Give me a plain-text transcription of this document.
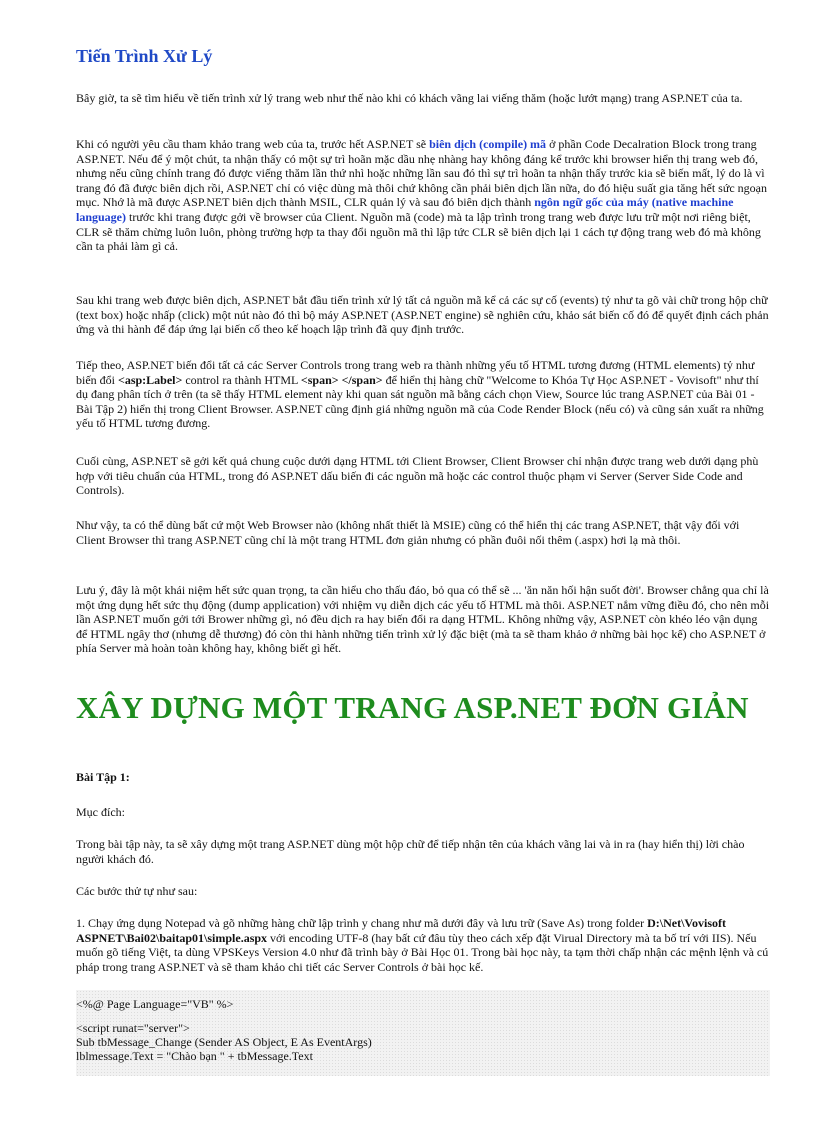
Tiến Trình Xử Lý

Bây giờ, ta sẽ tìm hiểu về tiến trình xử lý trang web như thế nào khi có khách vãng lai viếng thăm (hoặc lướt mạng) trang ASP.NET của ta.

Khi có người yêu cầu tham khảo trang web của ta, trước hết ASP.NET sẽ biên dịch (compile) mã ở phần Code Decalration Block trong trang ASP.NET. Nếu để ý một chút, ta nhận thấy có một sự trì hoãn mặc dầu nhẹ nhàng hay không đáng kể trước khi browser hiển thị trang web đó, nhưng nếu cũng chính trang đó được viếng thăm lần thứ nhì hoặc những lần sau đó thì sự trì hoãn ta nhận thấy trước kia sẽ biến mất, lý do là vì trang đó đã được biên dịch rồi, ASP.NET chỉ có việc dùng mà thôi chứ không cần phải biên dịch lần nữa, do đó hiệu suất gia tăng hết sức ngoạn mục. Nhớ là mã được ASP.NET biên dịch thành MSIL, CLR quản lý và sau đó biên dịch thành ngôn ngữ gốc của máy (native machine language) trước khi trang được gởi về browser của Client. Nguồn mã (code) mà ta lập trình trong trang web được lưu trữ một nơi riêng biệt, CLR sẽ thăm chừng luôn luôn, phòng trường hợp ta thay đổi nguồn mã thì lập tức CLR sẽ biên dịch lại 1 cách tự động trang web đó mà không cần ta phải làm gì cả.

Sau khi trang web được biên dịch, ASP.NET bắt đầu tiến trình xử lý tất cả nguồn mã kể cả các sự cố (events) tỷ như ta gõ vài chữ trong hộp chữ (text box) hoặc nhấp (click) một nút nào đó thì bộ máy ASP.NET (ASP.NET engine) sẽ nghiên cứu, khảo sát biến cố đó để quyết định cách phản ứng và thi hành để đáp ứng lại biến cố theo kế hoạch lập trình đã quy định trước.

Tiếp theo, ASP.NET biến đổi tất cả các Server Controls trong trang web ra thành những yếu tố HTML tương đương (HTML elements) tỷ như biến đổi <asp:Label> control ra thành HTML <span> </span> để hiển thị hàng chữ "Welcome to Khóa Tự Học ASP.NET - Vovisoft" như thí dụ đang phân tích ở trên (ta sẽ thấy HTML element này khi quan sát nguồn mã bằng cách chọn View, Source lúc trang ASP.NET của Bài 01 - Bài Tập 2) hiển thị trong Client Browser. ASP.NET cũng định giá những nguồn mã của Code Render Block (nếu có) và cũng sản xuất ra những yếu tố HTML tương đương.

Cuối cùng, ASP.NET sẽ gởi kết quả chung cuộc dưới dạng HTML tới Client Browser, Client Browser chỉ nhận được trang web dưới dạng phù hợp với tiêu chuẩn của HTML, trong đó ASP.NET dấu biến đi các nguồn mã hoặc các control thuộc phạm vi Server (Server Side Code and Controls).

Như vậy, ta có thể dùng bất cứ một Web Browser nào (không nhất thiết là MSIE) cũng có thể hiển thị các trang ASP.NET, thật vậy đối với Client Browser thì trang ASP.NET cũng chỉ là một trang HTML đơn giản nhưng có phần đuôi nối thêm (.aspx) hơi lạ mà thôi.

Lưu ý, đây là một khái niệm hết sức quan trọng, ta cần hiểu cho thấu đáo, bỏ qua có thể sẽ ... 'ăn năn hối hận suốt đời'. Browser chẳng qua chỉ là một ứng dụng hết sức thụ động (dump application) với nhiệm vụ diễn dịch các yếu tố HTML mà thôi. ASP.NET nắm vững điều đó, cho nên mỗi lần ASP.NET muốn gởi tới Brower những gì, nó đều dịch ra hay biến đổi ra dạng HTML. Không những vậy, ASP.NET còn khéo léo vận dụng để HTML ngây thơ (nhưng dễ thương) đó còn thi hành những tiến trình xử lý đặc biệt (mà ta sẽ tham khảo ở những bài học kế) cho ASP.NET ở phía Server mà hoàn toàn không hay, không biết gì hết.

XÂY DỰNG MỘT TRANG ASP.NET ĐƠN GIẢN

Bài Tập 1:

Mục đích:

Trong bài tập này, ta sẽ xây dựng một trang ASP.NET dùng một hộp chữ để tiếp nhận tên của khách vãng lai và in ra (hay hiển thị) lời chào người khách đó.

Các bước thử tự như sau:

1. Chạy ứng dụng Notepad và gõ những hàng chữ lập trình y chang như mã dưới đây và lưu trữ (Save As) trong folder D:\Net\Vovisoft ASPNET\Bai02\baitap01\simple.aspx với encoding UTF-8 (hay bất cứ đâu tùy theo cách xếp đặt Virual Directory mà ta bố trí với IIS). Nếu muốn gõ tiếng Việt, ta dùng VPSKeys Version 4.0 như đã trình bày ở Bài Học 01. Trong bài học này, ta tạm thời chấp nhận các mệnh lệnh và cú pháp trong trang ASP.NET và sẽ tham khảo chi tiết các Server Controls ở bài học kế.

<%@ Page Language="VB" %>
<script runat="server">
Sub tbMessage_Change (Sender AS Object, E As EventArgs)
lblmessage.Text = "Chào bạn " + tbMessage.Text
